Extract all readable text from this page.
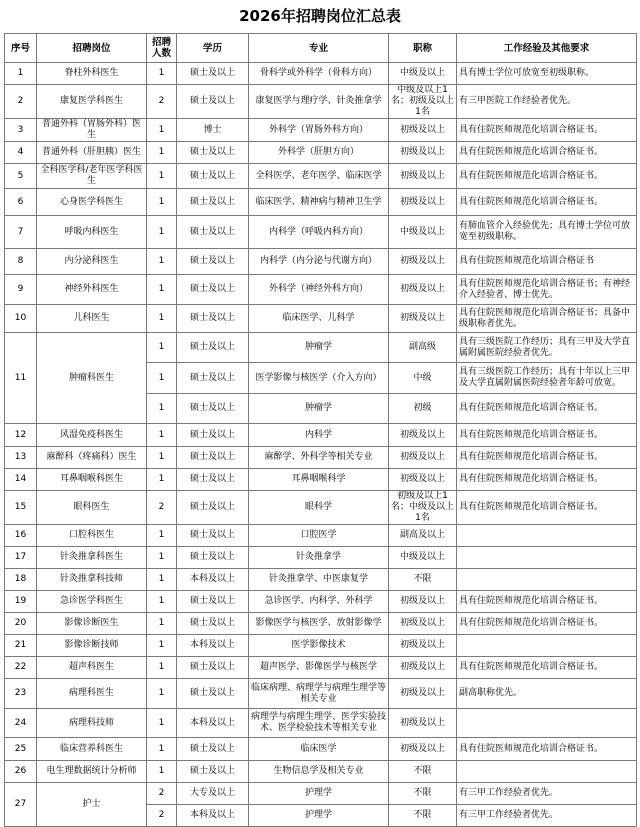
2026年招聘岗位汇总表
序号	招聘岗位	招聘人数	学历	专业	职称	工作经验及其他要求
1	脊柱外科医生	1	硕士及以上	骨科学或外科学（骨科方向）	中级及以上	具有博士学位可放宽至初级职称。
2	康复医学科医生	2	硕士及以上	康复医学与理疗学、针灸推拿学	中级及以上1名；初级及以上1名	有三甲医院工作经验者优先。
3	普通外科（胃肠外科）医生	1	博士	外科学（胃肠外科方向）	初级及以上	具有住院医师规范化培训合格证书。
4	普通外科（肝胆胰）医生	1	硕士及以上	外科学（肝胆方向）	初级及以上	具有住院医师规范化培训合格证书。
5	全科医学科/老年医学科医生	1	硕士及以上	全科医学、老年医学、临床医学	初级及以上	具有住院医师规范化培训合格证书。
6	心身医学科医生	1	硕士及以上	临床医学、精神病与精神卫生学	初级及以上	具有住院医师规范化培训合格证书。
7	呼吸内科医生	1	硕士及以上	内科学（呼吸内科方向）	中级及以上	有肺血管介入经验优先；具有博士学位可放宽至初级职称。
8	内分泌科医生	1	硕士及以上	内科学（内分泌与代谢方向）	初级及以上	具有住院医师规范化培训合格证书
9	神经外科医生	1	硕士及以上	外科学（神经外科方向）	初级及以上	具有住院医师规范化培训合格证书；有神经介入经验者、博士优先。
10	儿科医生	1	硕士及以上	临床医学、儿科学	初级及以上	具有住院医师规范化培训合格证书；具备中级职称者优先。
11	肿瘤科医生	1	硕士及以上	肿瘤学	副高级	具有三级医院工作经历；具有三甲及大学直属附属医院经验者优先。
		1	硕士及以上	医学影像与核医学（介入方向）	中级	具有三级医院工作经历；具有十年以上三甲及大学直属附属医院经验者年龄可放宽。
		1	硕士及以上	肿瘤学	初级	具有住院医师规范化培训合格证书。
12	风湿免疫科医生	1	硕士及以上	内科学	初级及以上	具有住院医师规范化培训合格证书。
13	麻醉科（疼痛科）医生	1	硕士及以上	麻醉学、外科学等相关专业	初级及以上	具有住院医师规范化培训合格证书。
14	耳鼻咽喉科医生	1	硕士及以上	耳鼻咽喉科学	初级及以上	具有住院医师规范化培训合格证书。
15	眼科医生	2	硕士及以上	眼科学	初级及以上1名；中级及以上1名	具有住院医师规范化培训合格证书。
16	口腔科医生	1	硕士及以上	口腔医学	副高及以上	
17	针灸推拿科医生	1	硕士及以上	针灸推拿学	中级及以上	
18	针灸推拿科技师	1	本科及以上	针灸推拿学、中医康复学	不限	
19	急诊医学科医生	1	硕士及以上	急诊医学、内科学、外科学	初级及以上	具有住院医师规范化培训合格证书。
20	影像诊断医生	1	硕士及以上	影像医学与核医学、放射影像学	初级及以上	具有住院医师规范化培训合格证书。
21	影像诊断技师	1	本科及以上	医学影像技术	初级及以上	
22	超声科医生	1	硕士及以上	超声医学、影像医学与核医学	初级及以上	具有住院医师规范化培训合格证书。
23	病理科医生	1	硕士及以上	临床病理、病理学与病理生理学等相关专业	初级及以上	副高职称优先。
24	病理科技师	1	本科及以上	病理学与病理生理学、医学实验技术、医学检验技术等相关专业	初级及以上	
25	临床营养科医生	1	硕士及以上	临床医学	初级及以上	具有住院医师规范化培训合格证书。
26	电生理数据统计分析师	1	硕士及以上	生物信息学及相关专业	不限	
27	护士	2	大专及以上	护理学	不限	有三甲工作经验者优先。
		2	本科及以上	护理学	不限	有三甲工作经验者优先。
